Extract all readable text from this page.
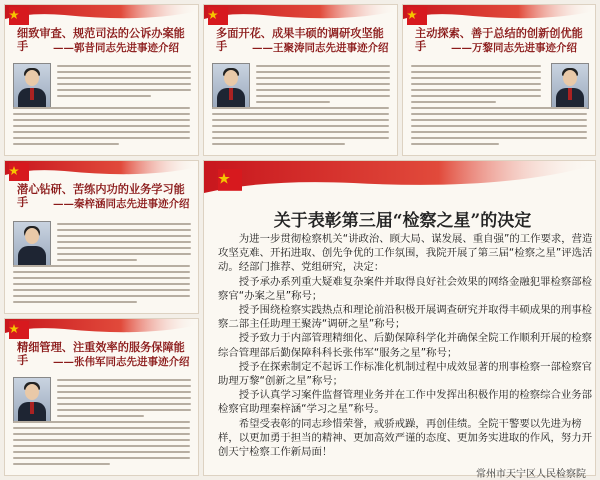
细致审查、规范司法的公诉办案能手	——郭昔同志先进事迹介绍
多面开花、成果丰硕的调研攻坚能手	——王聚涛同志先进事迹介绍
主动探索、善于总结的创新创优能手	——万黎同志先进事迹介绍
潜心钻研、苦练内功的业务学习能手	——秦梓涵同志先进事迹介绍
精细管理、注重效率的服务保障能手	——张伟军同志先进事迹介绍
关于表彰第三届“检察之星”的决定

为进一步贯彻检察机关“讲政治、顾大局、谋发展、重自强”的工作要求，营造攻坚克难、开拓进取、创先争优的工作氛围，我院开展了第三届“检察之星”评选活动。经部门推荐、党组研究，决定：

授予承办系列重大疑难复杂案件并取得良好社会效果的网络金融犯罪检察部检察官“办案之星”称号；

授予围绕检察实践热点和理论前沿积极开展调查研究并取得丰硕成果的刑事检察二部主任助理王聚涛“调研之星”称号；

授予致力于内部管理精细化、后勤保障科学化并确保全院工作顺利开展的检察综合管理部后勤保障科科长张伟军“服务之星”称号；

授予在探索制定不起诉工作标准化机制过程中成效显著的刑事检察一部检察官助理万黎“创新之星”称号；

授予认真学习案件监督管理业务并在工作中发挥出积极作用的检察综合业务部检察官助理秦梓涵“学习之星”称号。

希望受表彰的同志珍惜荣誉，戒骄戒躁，再创佳绩。全院干警要以先进为榜样，以更加勇于担当的精神、更加高效严谨的态度、更加务实进取的作风，努力开创天宁检察工作新局面！

常州市天宁区人民检察院
